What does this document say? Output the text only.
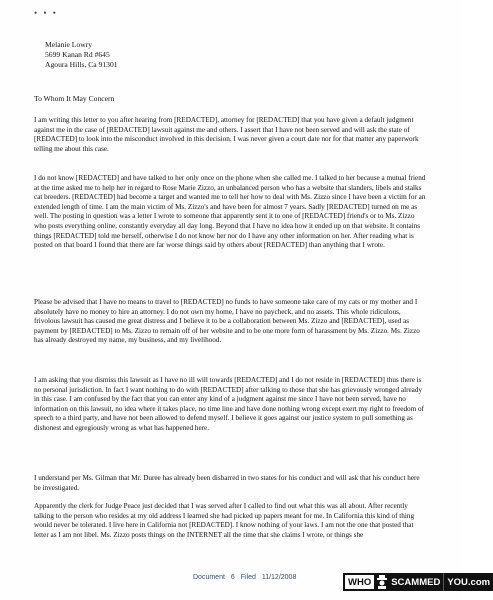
• • •
Melanie Lowry
5699 Kanan Rd #645
Agoura Hills, Ca 91301
To Whom It May Concern
I am writing this letter to you after hearing from [REDACTED], attorney for [REDACTED] that you have given a default judgment against me in the case of [REDACTED] lawsuit against me and others. I assert that I have not been served and will ask the state of [REDACTED] to look into the misconduct involved in this decision. I was never given a court date nor for that matter any paperwork telling me about this case.
I do not know [REDACTED] and have talked to her only once on the phone when she called me. I talked to her because a mutual friend at the time asked me to help her in regard to Rose Marie Zizzo, an unbalanced person who has a website that slanders, libels and stalks cat breeders. [REDACTED] had become a target and wanted me to tell her how to deal with Ms. Zizzo since I have been a victim for an extended length of time. I am the main victim of Ms. Zizzo's and have been for almost 7 years. Sadly [REDACTED] turned on me as well. The posting in question was a letter I wrote to someone that apparently sent it to one of [REDACTED] friend's or to Ms. Zizzo who posts everything online, constantly everyday all day long. Beyond that I have no idea how it ended up on that website. It contains things [REDACTED] told me herself, otherwise I do not know her nor do I have any other information on her. After reading what is posted on that board I found that there are far worse things said by others about [REDACTED] than anything that I wrote.
Please be advised that I have no means to travel to [REDACTED] no funds to have someone take care of my cats or my mother and I absolutely have no money to hire an attorney. I do not own my home, I have no paycheck, and no assets. This whole ridiculous, frivolous lawsuit has caused me great distress and I believe it to be a collaboration between Ms. Zizzo and [REDACTED], used as payment by [REDACTED] to Ms. Zizzo to remain off of her website and to be one more form of harassment by Ms. Zizzo. Ms. Zizzo has already destroyed my name, my business, and my livelihood.
I am asking that you dismiss this lawsuit as I have no ill will towards [REDACTED] and I do not reside in [REDACTED] thus there is no personal jurisdiction. In fact I want nothing to do with [REDACTED] after talking to those that she has grievously wronged already in this case. I am confused by the fact that you can enter any kind of a judgment against me since I have not been served, have no information on this lawsuit, no idea where it takes place, no time line and have done nothing wrong except exert my right to freedom of speech to a third party, and have not been allowed to defend myself. I believe it goes against our justice system to pull something as dishonest and egregiously wrong as what has happened here.
I understand per Ms. Gilman that Mr. Duree has already been disbarred in two states for his conduct and will ask that his conduct here be investigated.
Apparently the clerk for Judge Peace just decided that I was served after I called to find out what this was all about. After recently talking to the person who resides at my old address I learned she had picked up papers meant for me. In California this kind of thing would never be tolerated. I live here in California not [REDACTED]. I know nothing of your laws. I am not the one that posted that letter as I am not libel. Ms. Zizzo posts things on the INTERNET all the time that she claims I wrote, or things she
Document 6 Filed 11/12/2008	WHO	SCAMMED YOU.com
